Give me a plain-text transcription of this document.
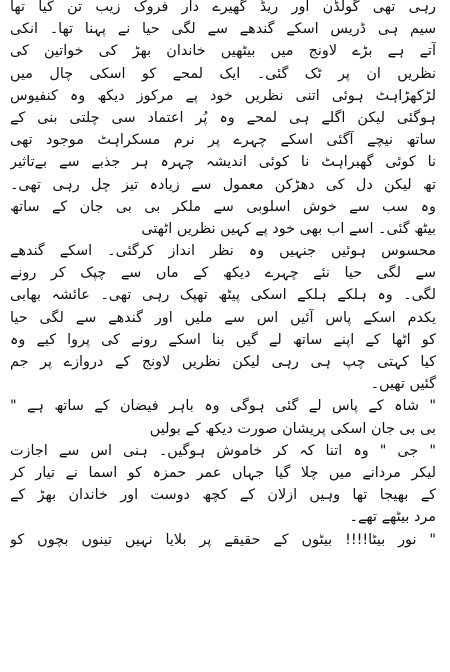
رہی تھی گولڈن اور ریڈ گھیرے دار فروک زیب تن کیا تھا
سیم ہی ڈریس اسکے گندھے سے لگی حیا نے پہنا تھا۔ انکی
آتے ہے بڑے لاونج میں بیٹھیں خاندان بھڑ کی خواتین کی
نظریں ان پر ٹک گئی۔ ایک لمحے کو اسکی چال میں
لڑکھڑاہٹ ہوئی اتنی نظریں خود پے مرکوز دیکھ وہ کنفیوس
ہوگئی لیکن اگلے ہی لمحے وہ پُر اعتماد سی چلتی بنی کے
ساتھ نیچے آگئی اسکے چہرے پر نرم مسکراہٹ موجود تھی
نا کوئی گھبراہٹ نا کوئی اندیشہ چہرہ ہر جذبے سے بےتاثیر
تھ لیکن دل کی دھڑکن معمول سے زیادہ تیز چل رہی تھی۔
وہ سب سے خوش اسلوبی سے ملکر بی بی جان کے ساتھ
بیٹھ گئی۔ اسے اب بھی خود پے کہیں نظریں اٹھتی
محسوس ہوئیں جنہیں وہ نظر انداز کرگئی۔ اسکے گندھے
سے لگی حیا نئے چہرے دیکھ کے ماں سے چپک کر رونے
لگی۔ وہ ہلکے ہلکے اسکی پیٹھ تھپک رہی تھی۔ عائشہ بھابی
یکدم اسکے پاس آئیں اس سے ملیں اور گندھے سے لگی حیا
کو اٹھا کے اپنے ساتھ لے گیں بنا اسکے رونے کی پروا کیے وہ
کیا کہتی چپ ہی رہی لیکن نظریں لاونج کے دروازے پر جم
گئیں تھیں۔
" شاہ کے پاس لے گئی ہوگی وہ باہر فیضان کے ساتھ ہے "
بی بی جان اسکی پریشان صورت دیکھ کے بولیں
" جی " وہ اتنا کہ کر خاموش ہوگیں۔ ہنی اس سے اجازت
لیکر مردانے میں چلا گیا جہاں عمر حمزہ کو اسما نے تیار کر
کے بھیجا تھا وہیں ازلان کے کچھ دوست اور خاندان بھڑ کے
مرد بیٹھے تھے۔
" نور بیٹا!!!! بیٹوں کے حقیقے پر بلایا نہیں تینوں بچوں کو
